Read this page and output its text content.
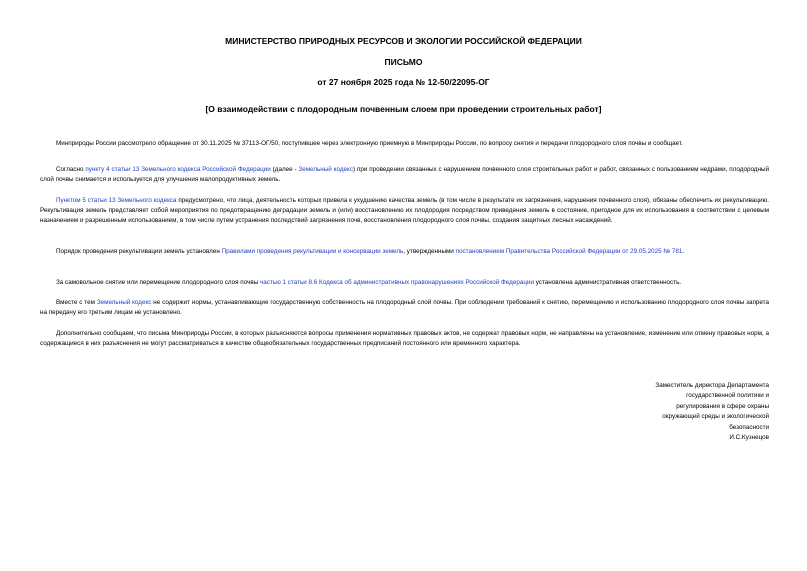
МИНИСТЕРСТВО ПРИРОДНЫХ РЕСУРСОВ И ЭКОЛОГИИ РОССИЙСКОЙ ФЕДЕРАЦИИ
ПИСЬМО
от 27 ноября 2025 года № 12-50/22095-ОГ
[О взаимодействии с плодородным почвенным слоем при проведении строительных работ]

Минприроды России рассмотрело обращение от 30.11.2025 № 37113-ОГ/50, поступившее через электронную приемную в Минприроды России, по вопросу снятия и передачи плодородного слоя почвы и сообщает.

Согласно пункту 4 статьи 13 Земельного кодекса Российской Федерации (далее - Земельный кодекс) при проведении связанных с нарушением почвенного слоя строительных работ и работ, связанных с пользованием недрами, плодородный слой почвы снимается и используется для улучшения малопродуктивных земель.

Пунктом 5 статьи 13 Земельного кодекса предусмотрено, что лица, деятельность которых привела к ухудшению качества земель (в том числе в результате их загрязнения, нарушения почвенного слоя), обязаны обеспечить их рекультивацию. Рекультивация земель представляет собой мероприятия по предотвращению деградации земель и (или) восстановлению их плодородия посредством приведения земель в состояние, пригодное для их использования в соответствии с целевым назначением и разрешенным использованием, в том числе путем устранения последствий загрязнения почв, восстановления плодородного слоя почвы, создания защитных лесных насаждений.

Порядок проведения рекультивации земель установлен Правилами проведения рекультивации и консервации земель, утвержденными постановлением Правительства Российской Федерации от 29.05.2025 № 781.

За самовольное снятие или перемещение плодородного слоя почвы частью 1 статьи 8.6 Кодекса об административных правонарушениях Российской Федерации установлена административная ответственность.

Вместе с тем Земельный кодекс не содержит нормы, устанавливающие государственную собственность на плодородный слой почвы. При соблюдении требований к снятию, перемещению и использованию плодородного слоя почвы запрета на передачу его третьим лицам не установлено.

Дополнительно сообщаем, что письма Минприроды России, в которых разъясняются вопросы применения нормативных правовых актов, не содержат правовых норм, не направлены на установление, изменение или отмену правовых норм, а содержащиеся в них разъяснения не могут рассматриваться в качестве общеобязательных государственных предписаний постоянного или временного характера.

Заместитель директора Департамента
государственной политики и
регулирования в сфере охраны
окружающей среды и экологической
безопасности
И.С.Кузнецов
